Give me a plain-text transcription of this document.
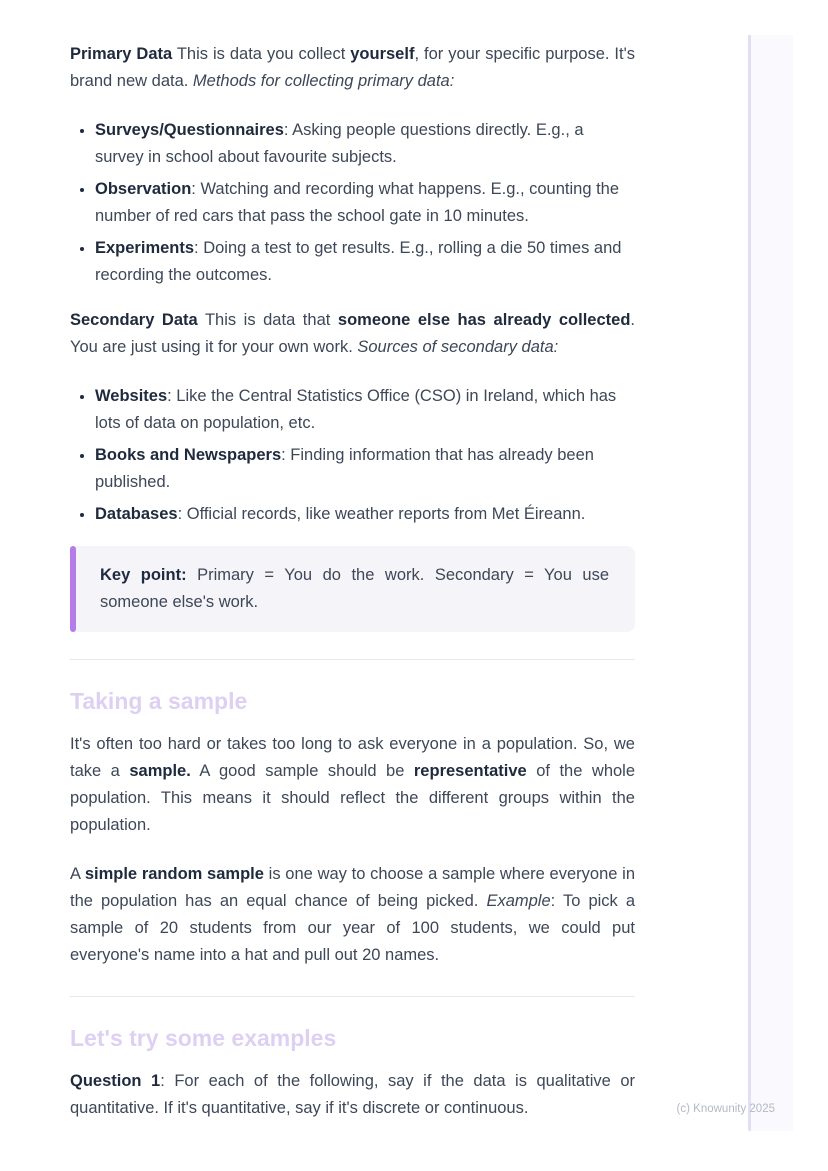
Primary Data This is data you collect yourself, for your specific purpose. It's brand new data. Methods for collecting primary data:

• Surveys/Questionnaires: Asking people questions directly. E.g., a survey in school about favourite subjects.
• Observation: Watching and recording what happens. E.g., counting the number of red cars that pass the school gate in 10 minutes.
• Experiments: Doing a test to get results. E.g., rolling a die 50 times and recording the outcomes.

Secondary Data This is data that someone else has already collected. You are just using it for your own work. Sources of secondary data:

• Websites: Like the Central Statistics Office (CSO) in Ireland, which has lots of data on population, etc.
• Books and Newspapers: Finding information that has already been published.
• Databases: Official records, like weather reports from Met Éireann.
Key point: Primary = You do the work. Secondary = You use someone else's work.
Taking a sample

It's often too hard or takes too long to ask everyone in a population. So, we take a sample. A good sample should be representative of the whole population. This means it should reflect the different groups within the population.

A simple random sample is one way to choose a sample where everyone in the population has an equal chance of being picked. Example: To pick a sample of 20 students from our year of 100 students, we could put everyone's name into a hat and pull out 20 names.

Let's try some examples

Question 1: For each of the following, say if the data is qualitative or quantitative. If it's quantitative, say if it's discrete or continuous.	(c) Knowunity 2025
